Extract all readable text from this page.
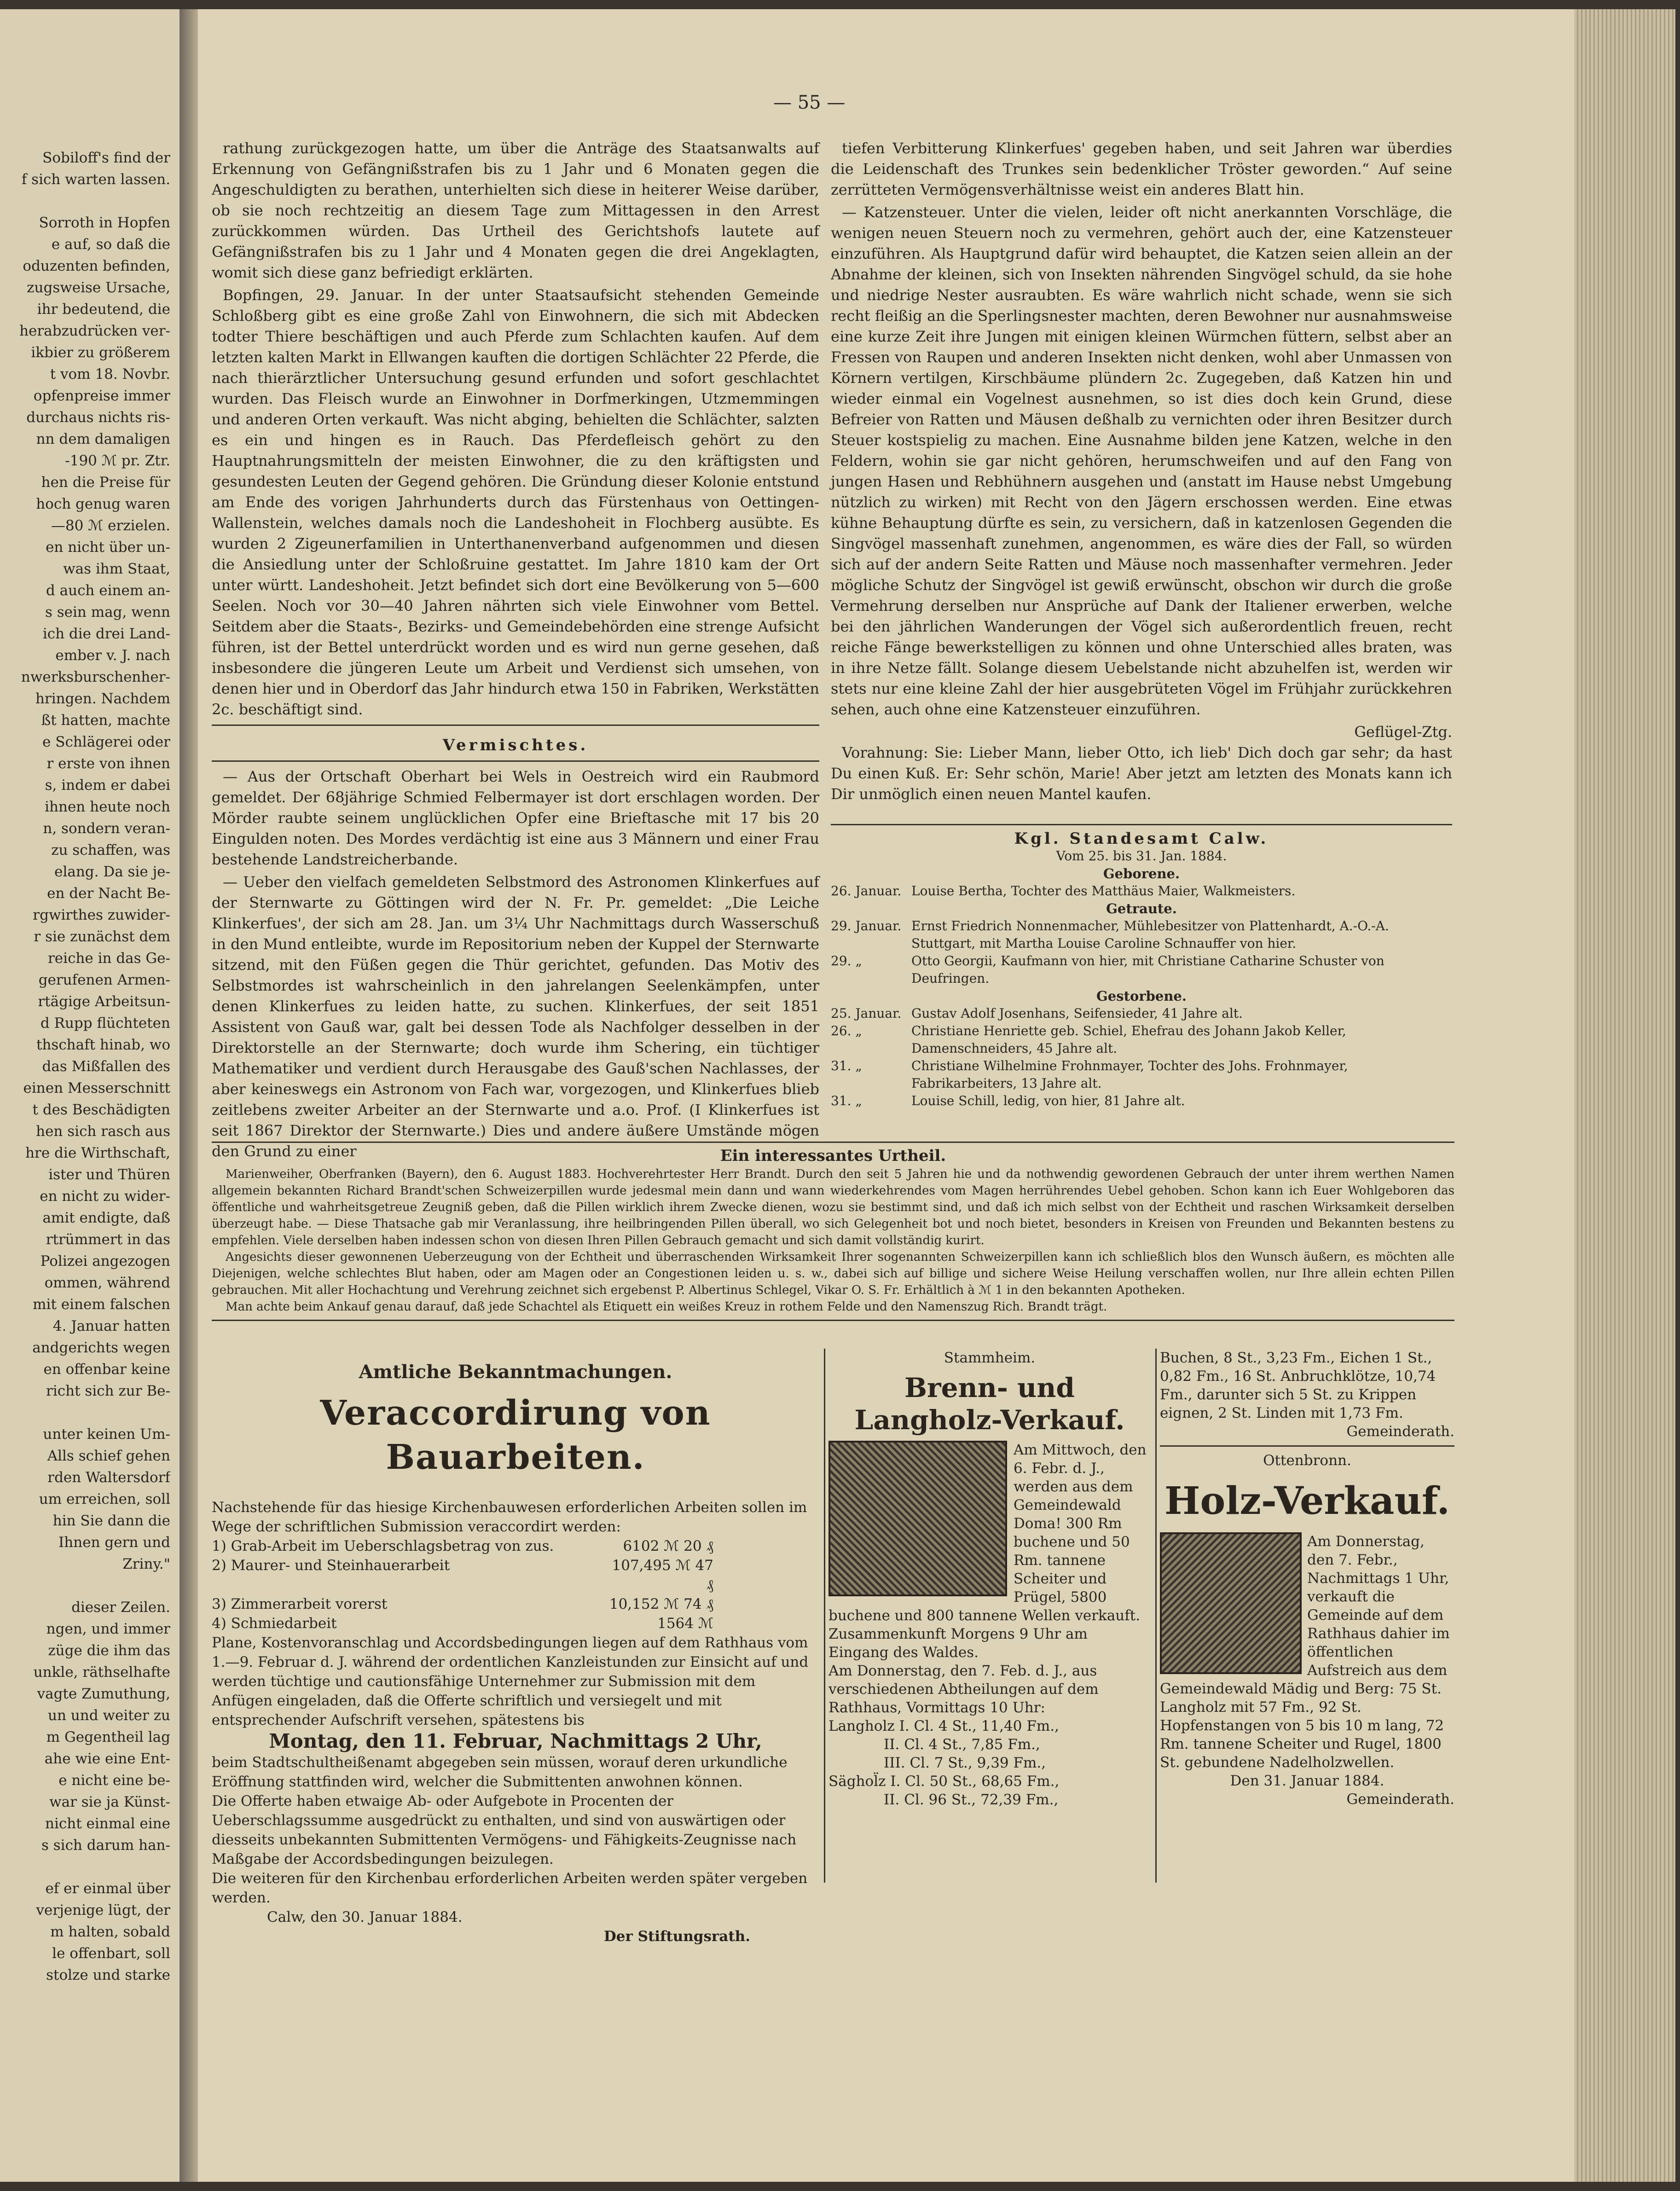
Sobiloff's find der
f sich warten lassen.

Sorroth in Hopfen
e auf, so daß die
oduzenten befinden,
zugsweise Ursache,
ihr bedeutend, die
herabzudrücken ver-
ikbier zu größerem
t vom 18. Novbr.
opfenpreise immer
durchaus nichts ris-
nn dem damaligen
-190 ℳ pr. Ztr.
hen die Preise für
hoch genug waren
—80 ℳ erzielen.
en nicht über un-
was ihm Staat,
d auch einem an-
s sein mag, wenn
ich die drei Land-
ember v. J. nach
nwerksburschenher-
hringen. Nachdem
ßt hatten, machte
e Schlägerei oder
r erste von ihnen
s, indem er dabei
ihnen heute noch
n, sondern veran-
zu schaffen, was
elang. Da sie je-
en der Nacht Be-
rgwirthes zuwider-
r sie zunächst dem
reiche in das Ge-
gerufenen Armen-
rtägige Arbeitsun-
d Rupp flüchteten
thschaft hinab, wo
das Mißfallen des
einen Messerschnitt
t des Beschädigten
hen sich rasch aus
hre die Wirthschaft,
ister und Thüren
en nicht zu wider-
amit endigte, daß
rtrümmert in das
Polizei angezogen
ommen, während
mit einem falschen
4. Januar hatten
andgerichts wegen
en offenbar keine
richt sich zur Be-

unter keinen Um-
Alls schief gehen
rden Waltersdorf
um erreichen, soll
hin Sie dann die
Ihnen gern und
Zriny."

dieser Zeilen.
ngen, und immer
züge die ihm das
unkle, räthselhafte
vagte Zumuthung,
un und weiter zu
m Gegentheil lag
ahe wie eine Ent-
e nicht eine be-
war sie ja Künst-
nicht einmal eine
s sich darum han-

ef er einmal über
verjenige lügt, der
m halten, sobald
le offenbart, soll
stolze und starke
— 55 —

rathung zurückgezogen hatte, um über die Anträge des Staatsanwalts auf Erkennung von Gefängnißstrafen bis zu 1 Jahr und 6 Monaten gegen die Angeschuldigten zu berathen, unterhielten sich diese in heiterer Weise darüber, ob sie noch rechtzeitig an diesem Tage zum Mittagessen in den Arrest zurückkommen würden. Das Urtheil des Gerichtshofs lautete auf Gefängnißstrafen bis zu 1 Jahr und 4 Monaten gegen die drei Angeklagten, womit sich diese ganz befriedigt erklärten.

Bopfingen, 29. Januar. In der unter Staatsaufsicht stehenden Gemeinde Schloßberg gibt es eine große Zahl von Einwohnern, die sich mit Abdecken todter Thiere beschäftigen und auch Pferde zum Schlachten kaufen. Auf dem letzten kalten Markt in Ellwangen kauften die dortigen Schlächter 22 Pferde, die nach thierärztlicher Untersuchung gesund erfunden und sofort geschlachtet wurden. Das Fleisch wurde an Einwohner in Dorfmerkingen, Utzmemmingen und anderen Orten verkauft. Was nicht abging, behielten die Schlächter, salzten es ein und hingen es in Rauch. Das Pferdefleisch gehört zu den Hauptnahrungsmitteln der meisten Einwohner, die zu den kräftigsten und gesundesten Leuten der Gegend gehören. Die Gründung dieser Kolonie entstund am Ende des vorigen Jahrhunderts durch das Fürstenhaus von Oettingen-Wallenstein, welches damals noch die Landeshoheit in Flochberg ausübte. Es wurden 2 Zigeunerfamilien in Unterthanenverband aufgenommen und diesen die Ansiedlung unter der Schloßruine gestattet. Im Jahre 1810 kam der Ort unter württ. Landeshoheit. Jetzt befindet sich dort eine Bevölkerung von 5—600 Seelen. Noch vor 30—40 Jahren nährten sich viele Einwohner vom Bettel. Seitdem aber die Staats-, Bezirks- und Gemeindebehörden eine strenge Aufsicht führen, ist der Bettel unterdrückt worden und es wird nun gerne gesehen, daß insbesondere die jüngeren Leute um Arbeit und Verdienst sich umsehen, von denen hier und in Oberdorf das Jahr hindurch etwa 150 in Fabriken, Werkstätten 2c. beschäftigt sind.

Vermischtes.

— Aus der Ortschaft Oberhart bei Wels in Oestreich wird ein Raubmord gemeldet. Der 68jährige Schmied Felbermayer ist dort erschlagen worden. Der Mörder raubte seinem unglücklichen Opfer eine Brieftasche mit 17 bis 20 Eingulden noten. Des Mordes verdächtig ist eine aus 3 Männern und einer Frau bestehende Landstreicherbande.

— Ueber den vielfach gemeldeten Selbstmord des Astronomen Klinkerfues auf der Sternwarte zu Göttingen wird der N. Fr. Pr. gemeldet: „Die Leiche Klinkerfues', der sich am 28. Jan. um 3¼ Uhr Nachmittags durch Wasserschuß in den Mund entleibte, wurde im Repositorium neben der Kuppel der Sternwarte sitzend, mit den Füßen gegen die Thür gerichtet, gefunden. Das Motiv des Selbstmordes ist wahrscheinlich in den jahrelangen Seelenkämpfen, unter denen Klinkerfues zu leiden hatte, zu suchen. Klinkerfues, der seit 1851 Assistent von Gauß war, galt bei dessen Tode als Nachfolger desselben in der Direktorstelle an der Sternwarte; doch wurde ihm Schering, ein tüchtiger Mathematiker und verdient durch Herausgabe des Gauß'schen Nachlasses, der aber keineswegs ein Astronom von Fach war, vorgezogen, und Klinkerfues blieb zeitlebens zweiter Arbeiter an der Sternwarte und a.o. Prof. (I Klinkerfues ist seit 1867 Direktor der Sternwarte.) Dies und andere äußere Umstände mögen den Grund zu einer

tiefen Verbitterung Klinkerfues' gegeben haben, und seit Jahren war überdies die Leidenschaft des Trunkes sein bedenklicher Tröster geworden.“ Auf seine zerrütteten Vermögensverhältnisse weist ein anderes Blatt hin.

— Katzensteuer. Unter die vielen, leider oft nicht anerkannten Vorschläge, die wenigen neuen Steuern noch zu vermehren, gehört auch der, eine Katzensteuer einzuführen. Als Hauptgrund dafür wird behauptet, die Katzen seien allein an der Abnahme der kleinen, sich von Insekten nährenden Singvögel schuld, da sie hohe und niedrige Nester ausraubten. Es wäre wahrlich nicht schade, wenn sie sich recht fleißig an die Sperlingsnester machten, deren Bewohner nur ausnahmsweise eine kurze Zeit ihre Jungen mit einigen kleinen Würmchen füttern, selbst aber an Fressen von Raupen und anderen Insekten nicht denken, wohl aber Unmassen von Körnern vertilgen, Kirschbäume plündern 2c. Zugegeben, daß Katzen hin und wieder einmal ein Vogelnest ausnehmen, so ist dies doch kein Grund, diese Befreier von Ratten und Mäusen deßhalb zu vernichten oder ihren Besitzer durch Steuer kostspielig zu machen. Eine Ausnahme bilden jene Katzen, welche in den Feldern, wohin sie gar nicht gehören, herumschweifen und auf den Fang von jungen Hasen und Rebhühnern ausgehen und (anstatt im Hause nebst Umgebung nützlich zu wirken) mit Recht von den Jägern erschossen werden. Eine etwas kühne Behauptung dürfte es sein, zu versichern, daß in katzenlosen Gegenden die Singvögel massenhaft zunehmen, angenommen, es wäre dies der Fall, so würden sich auf der andern Seite Ratten und Mäuse noch massenhafter vermehren. Jeder mögliche Schutz der Singvögel ist gewiß erwünscht, obschon wir durch die große Vermehrung derselben nur Ansprüche auf Dank der Italiener erwerben, welche bei den jährlichen Wanderungen der Vögel sich außerordentlich freuen, recht reiche Fänge bewerkstelligen zu können und ohne Unterschied alles braten, was in ihre Netze fällt. Solange diesem Uebelstande nicht abzuhelfen ist, werden wir stets nur eine kleine Zahl der hier ausgebrüteten Vögel im Frühjahr zurückkehren sehen, auch ohne eine Katzensteuer einzuführen.

Geflügel-Ztg.

Vorahnung: Sie: Lieber Mann, lieber Otto, ich lieb' Dich doch gar sehr; da hast Du einen Kuß. Er: Sehr schön, Marie! Aber jetzt am letzten des Monats kann ich Dir unmöglich einen neuen Mantel kaufen.

Kgl. Standesamt Calw.
Vom 25. bis 31. Jan. 1884.
Geborene.
26. Januar. Louise Bertha, Tochter des Matthäus Maier, Walkmeisters.
Getraute.
29. Januar. Ernst Friedrich Nonnenmacher, Mühlebesitzer von Plattenhardt, A.-O.-A. Stuttgart, mit Martha Louise Caroline Schnauffer von hier.
29. „	Otto Georgii, Kaufmann von hier, mit Christiane Catharine Schuster von Deufringen.
Gestorbene.
25. Januar. Gustav Adolf Josenhans, Seifensieder, 41 Jahre alt.
26. „	Christiane Henriette geb. Schiel, Ehefrau des Johann Jakob Keller, Damenschneiders, 45 Jahre alt.
31. „	Christiane Wilhelmine Frohnmayer, Tochter des Johs. Frohnmayer, Fabrikarbeiters, 13 Jahre alt.
31. „	Louise Schill, ledig, von hier, 81 Jahre alt.
Ein interessantes Urtheil.

Marienweiher, Oberfranken (Bayern), den 6. August 1883. Hochverehrtester Herr Brandt. Durch den seit 5 Jahren hie und da nothwendig gewordenen Gebrauch der unter ihrem werthen Namen allgemein bekannten Richard Brandt'schen Schweizerpillen wurde jedesmal mein dann und wann wiederkehrendes vom Magen herrührendes Uebel gehoben. Schon kann ich Euer Wohlgeboren das öffentliche und wahrheitsgetreue Zeugniß geben, daß die Pillen wirklich ihrem Zwecke dienen, wozu sie bestimmt sind, und daß ich mich selbst von der Echtheit und raschen Wirksamkeit derselben überzeugt habe. — Diese Thatsache gab mir Veranlassung, ihre heilbringenden Pillen überall, wo sich Gelegenheit bot und noch bietet, besonders in Kreisen von Freunden und Bekannten bestens zu empfehlen. Viele derselben haben indessen schon von diesen Ihren Pillen Gebrauch gemacht und sich damit vollständig kurirt.

Angesichts dieser gewonnenen Ueberzeugung von der Echtheit und überraschenden Wirksamkeit Ihrer sogenannten Schweizerpillen kann ich schließlich blos den Wunsch äußern, es möchten alle Diejenigen, welche schlechtes Blut haben, oder am Magen oder an Congestionen leiden u. s. w., dabei sich auf billige und sichere Weise Heilung verschaffen wollen, nur Ihre allein echten Pillen gebrauchen. Mit aller Hochachtung und Verehrung zeichnet sich ergebenst P. Albertinus Schlegel, Vikar O. S. Fr. Erhältlich à ℳ 1 in den bekannten Apotheken.

Man achte beim Ankauf genau darauf, daß jede Schachtel als Etiquett ein weißes Kreuz in rothem Felde und den Namenszug Rich. Brandt trägt.

Amtliche Bekanntmachungen.
Veraccordirung von Bauarbeiten.
Nachstehende für das hiesige Kirchenbauwesen erforderlichen Arbeiten sollen im Wege der schriftlichen Submission veraccordirt werden:
1) Grab-Arbeit im Ueberschlagsbetrag von zus.	6102 ℳ 20 ₰
2) Maurer- und Steinhauerarbeit	107,495 ℳ 47 ₰
3) Zimmerarbeit vorerst	10,152 ℳ 74 ₰
4) Schmiedarbeit	1564 ℳ
Plane, Kostenvoranschlag und Accordsbedingungen liegen auf dem Rathhaus vom 1.—9. Februar d. J. während der ordentlichen Kanzleistunden zur Einsicht auf und werden tüchtige und cautionsfähige Unternehmer zur Submission mit dem Anfügen eingeladen, daß die Offerte schriftlich und versiegelt und mit entsprechender Aufschrift versehen, spätestens bis
Montag, den 11. Februar, Nachmittags 2 Uhr,
beim Stadtschultheißenamt abgegeben sein müssen, worauf deren urkundliche Eröffnung stattfinden wird, welcher die Submittenten anwohnen können.
Die Offerte haben etwaige Ab- oder Aufgebote in Procenten der Ueberschlagssumme ausgedrückt zu enthalten, und sind von auswärtigen oder diesseits unbekannten Submittenten Vermögens- und Fähigkeits-Zeugnisse nach Maßgabe der Accordsbedingungen beizulegen.
Die weiteren für den Kirchenbau erforderlichen Arbeiten werden später vergeben werden.
Calw, den 30. Januar 1884.
Der Stiftungsrath.
Stammheim.
Brenn- und Langholz-Verkauf.
Am Mittwoch, den 6. Febr. d. J., werden aus dem Gemeindewald Doma! 300 Rm buchene und 50 Rm. tannene Scheiter und Prügel, 5800 buchene und 800 tannene Wellen verkauft.
Zusammenkunft Morgens 9 Uhr am Eingang des Waldes.
Am Donnerstag, den 7. Feb. d. J., aus verschiedenen Abtheilungen auf dem Rathhaus, Vormittags 10 Uhr:
Langholz I. Cl. 4 St., 11,40 Fm.,
II. Cl. 4 St., 7,85 Fm.,
III. Cl. 7 St., 9,39 Fm.,
Säghol̈z I. Cl. 50 St., 68,65 Fm.,
II. Cl. 96 St., 72,39 Fm.,
Buchen, 8 St., 3,23 Fm., Eichen 1 St., 0,82 Fm., 16 St. Anbruchklötze, 10,74 Fm., darunter sich 5 St. zu Krippen eignen, 2 St. Linden mit 1,73 Fm.
Gemeinderath.
Ottenbronn.
Holz-Verkauf.
Am Donnerstag, den 7. Febr., Nachmittags 1 Uhr, verkauft die Gemeinde auf dem Rathhaus dahier im öffentlichen Aufstreich aus dem Gemeindewald Mädig und Berg: 75 St. Langholz mit 57 Fm., 92 St. Hopfenstangen von 5 bis 10 m lang, 72 Rm. tannene Scheiter und Rugel, 1800 St. gebundene Nadelholzwellen.
Den 31. Januar 1884.
Gemeinderath.
